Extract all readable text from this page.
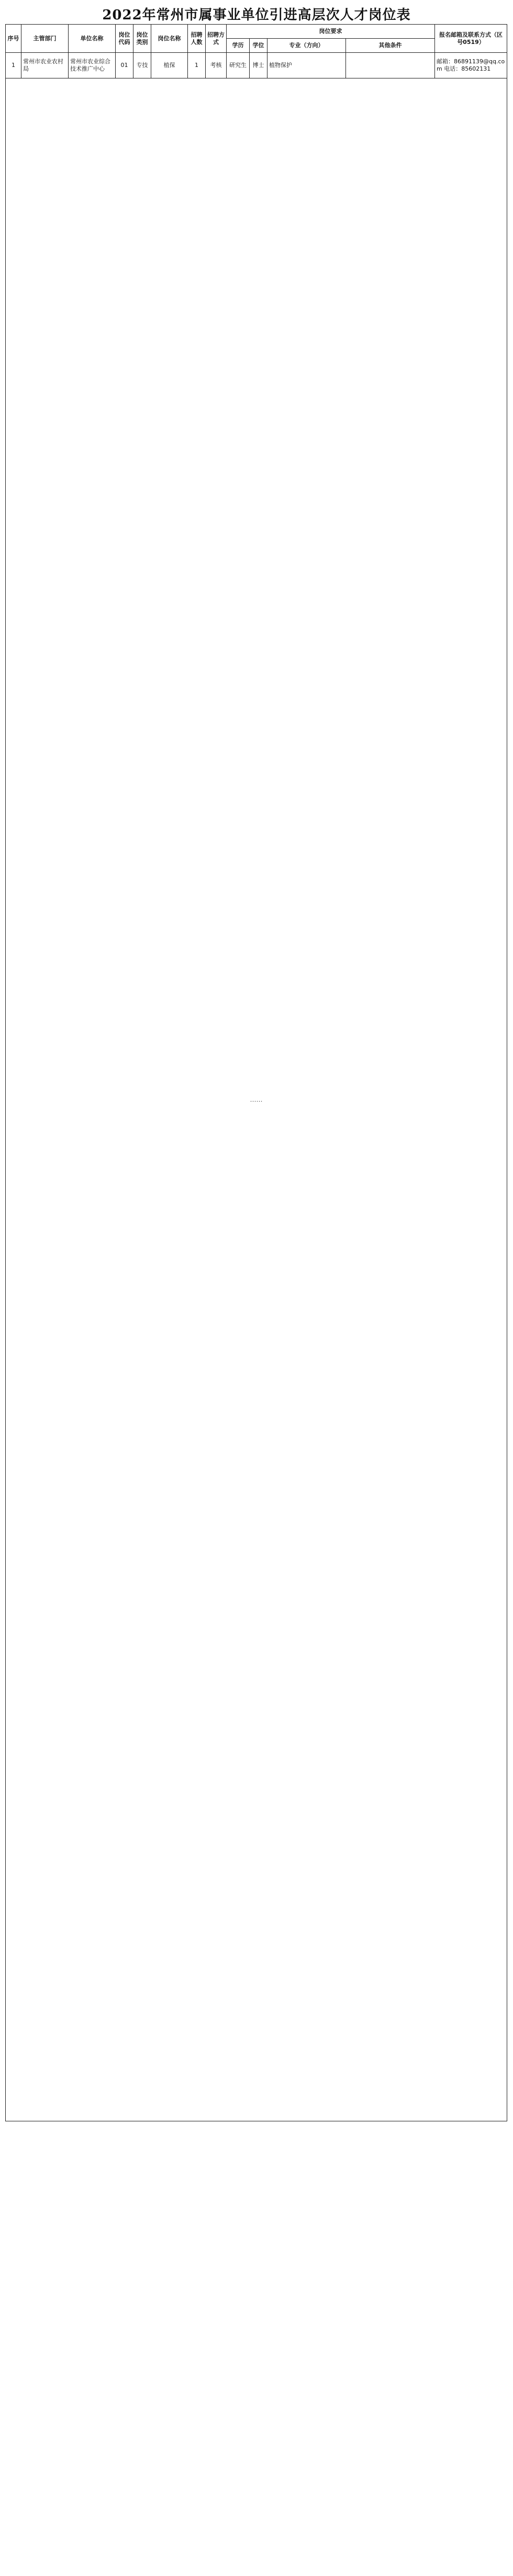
2022年常州市属事业单位引进高层次人才岗位表
序号	主管部门	单位名称	岗位代码	岗位类别	岗位名称	招聘人数	招聘方式	岗位要求				报名邮箱及联系方式（区号0519）
								学历	学位	专业（方向）	其他条件	
1	常州市农业农村局	常州市农业综合技术推广中心	01	专技	植保	1	考核	研究生	博士	植物保护		邮箱：86891139@qq.com 电话：85602131
……												
